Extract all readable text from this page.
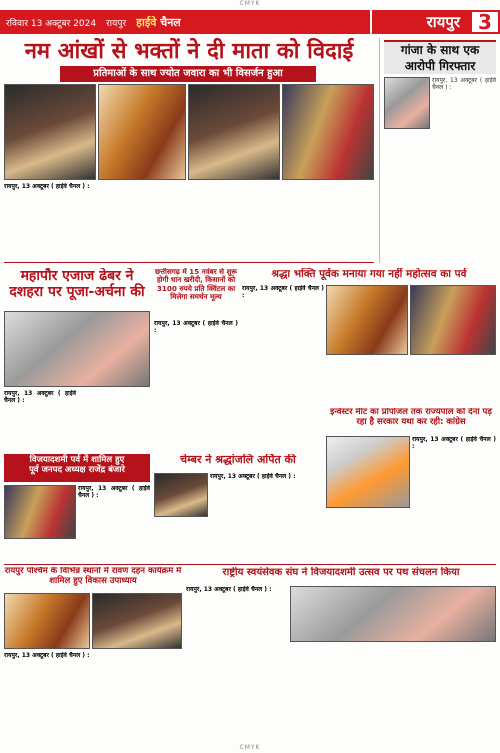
CMYK
रविवार 13 अक्टूबर 2024 रायपुर हाईवे चैनल	रायपुर 3
नम आंखों से भक्तों ने दी माता को विदाई
प्रतिमाओं के साथ ज्योत जवारा का भी विसर्जन हुआ
रायपुर, 13 अक्टूबर ( हाईवे चैनल ) :
गांजा के साथ एक आरोपी गिरफ्तार
रायपुर, 13 अक्टूबर ( हाईवे चैनल ) :
महापौर एजाज ढेबर ने
दशहरा पर पूजा-अर्चना की
रायपुर, 13 अक्टूबर ( हाईवे चैनल ) :
छत्तीसगढ़ में 15 नवंबर से शुरू होगी धान खरीदी, किसानों को 3100 रुपये प्रति क्विंटल का मिलेगा समर्थन मूल्य
रायपुर, 13 अक्टूबर ( हाईवे चैनल ) :
श्रद्धा भक्ति पूर्वक मनाया गया नहीं महोत्सव का पर्व
रायपुर, 13 अक्टूबर ( हाईवे चैनल ) :
इन्वेस्टर मीट का प्रोपोजल तक राज्यपाल को देना पड़ रहा है सरकार यथा कर रही: कांग्रेस
रायपुर, 13 अक्टूबर ( हाईवे चैनल ) :
विजयादशमी पर्व में शामिल हुए
पूर्व जनपद अध्यक्ष राजेंद्र बंजारे
रायपुर, 13 अक्टूबर ( हाईवे चैनल ) :
चेम्बर ने श्रद्धांजलि अर्पित की
रायपुर, 13 अक्टूबर ( हाईवे चैनल ) :
रायपुर पश्चिम के विभिन्न स्थानों में रावण दहन कार्यक्रम में शामिल हुए विकास उपाध्याय
रायपुर, 13 अक्टूबर ( हाईवे चैनल ) :
राष्ट्रीय स्वयंसेवक संघ ने विजयादशमी उत्सव पर पथ संचलन किया
रायपुर, 13 अक्टूबर ( हाईवे चैनल ) :
CMYK
